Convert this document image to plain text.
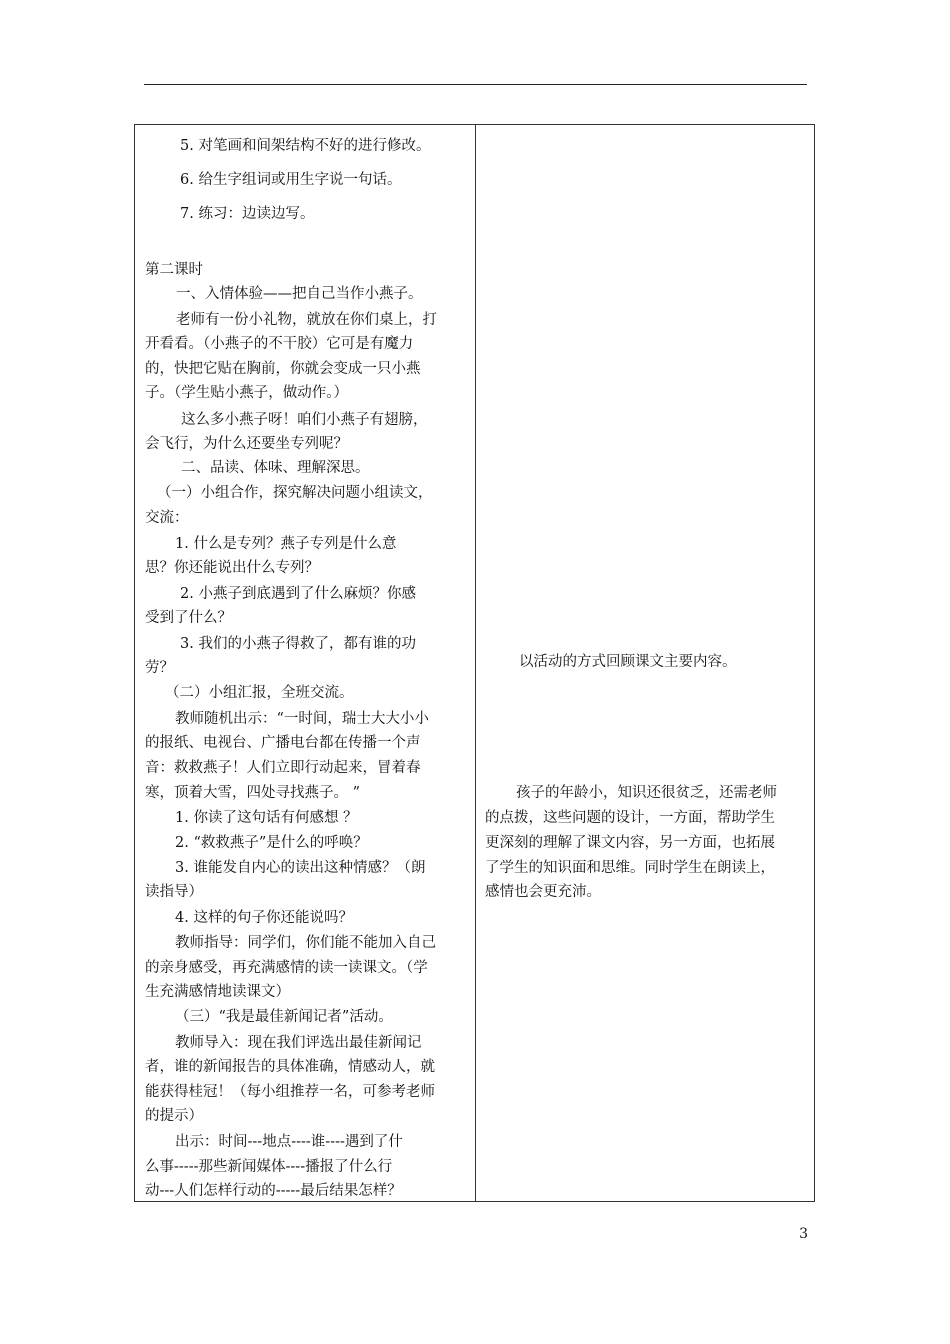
5. 对笔画和间架结构不好的进行修改。
6. 给生字组词或用生字说一句话。
7. 练习：边读边写。
第二课时
一、入情体验——把自己当作小燕子。
老师有一份小礼物，就放在你们桌上，打
开看看。（小燕子的不干胶）它可是有魔力
的，快把它贴在胸前，你就会变成一只小燕
子。（学生贴小燕子，做动作。）
这么多小燕子呀！咱们小燕子有翅膀，
会飞行，为什么还要坐专列呢？
二、品读、体味、理解深思。
（一）小组合作，探究解决问题小组读文，
交流：
1. 什么是专列？燕子专列是什么意
思？你还能说出什么专列？
2. 小燕子到底遇到了什么麻烦？你感
受到了什么？
3. 我们的小燕子得救了，都有谁的功
劳？
（二）小组汇报，全班交流。
教师随机出示：“一时间，瑞士大大小小
的报纸、电视台、广播电台都在传播一个声
音：救救燕子！人们立即行动起来，冒着春
寒，顶着大雪，四处寻找燕子。 ”
1. 你读了这句话有何感想 ？
2. “救救燕子”是什么的呼唤？
3. 谁能发自内心的读出这种情感？（朗
读指导）
4. 这样的句子你还能说吗？
教师指导：同学们，你们能不能加入自己
的亲身感受，再充满感情的读一读课文。（学
生充满感情地读课文）
（三）“我是最佳新闻记者”活动。
教师导入：现在我们评选出最佳新闻记
者，谁的新闻报告的具体准确，情感动人，就
能获得桂冠！（每小组推荐一名，可参考老师
的提示）
出示：时间---地点----谁----遇到了什
么事-----那些新闻媒体----播报了什么行
动---人们怎样行动的-----最后结果怎样？
以活动的方式回顾课文主要内容。
孩子的年龄小，知识还很贫乏，还需老师
的点拨，这些问题的设计，一方面，帮助学生
更深刻的理解了课文内容，另一方面，也拓展
了学生的知识面和思维。同时学生在朗读上，
感情也会更充沛。
3
